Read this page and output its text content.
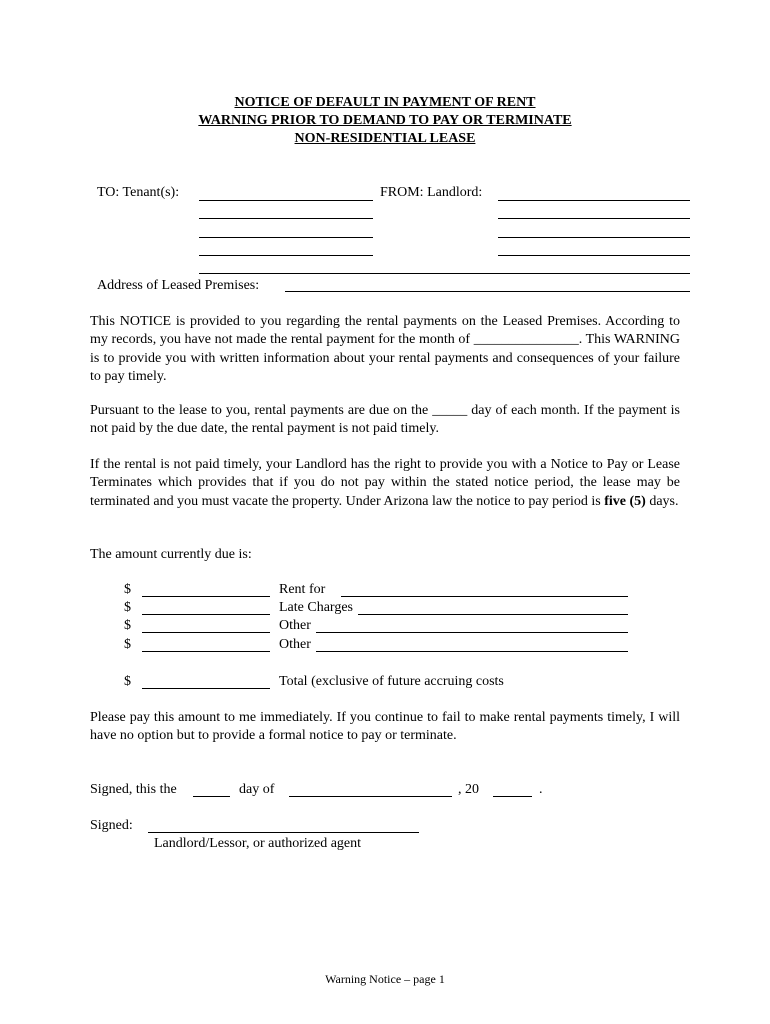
NOTICE OF DEFAULT IN PAYMENT OF RENT
WARNING PRIOR TO DEMAND TO PAY OR TERMINATE
NON-RESIDENTIAL LEASE
TO: Tenant(s):	FROM: Landlord:
Address of Leased Premises:
This NOTICE is provided to you regarding the rental payments on the Leased Premises. According to my records, you have not made the rental payment for the month of _______________. This WARNING is to provide you with written information about your rental payments and consequences of your failure to pay timely.
Pursuant to the lease to you, rental payments are due on the _____ day of each month. If the payment is not paid by the due date, the rental payment is not paid timely.
If the rental is not paid timely, your Landlord has the right to provide you with a Notice to Pay or Lease Terminates which provides that if you do not pay within the stated notice period, the lease may be terminated and you must vacate the property. Under Arizona law the notice to pay period is five (5) days.
The amount currently due is:
$	Rent for
$	Late Charges
$	Other
$	Other
$	Total (exclusive of future accruing costs
Please pay this amount to me immediately. If you continue to fail to make rental payments timely, I will have no option but to provide a formal notice to pay or terminate.
Signed, this the	day of	, 20	.
Signed:
Landlord/Lessor, or authorized agent
Warning Notice – page 1
